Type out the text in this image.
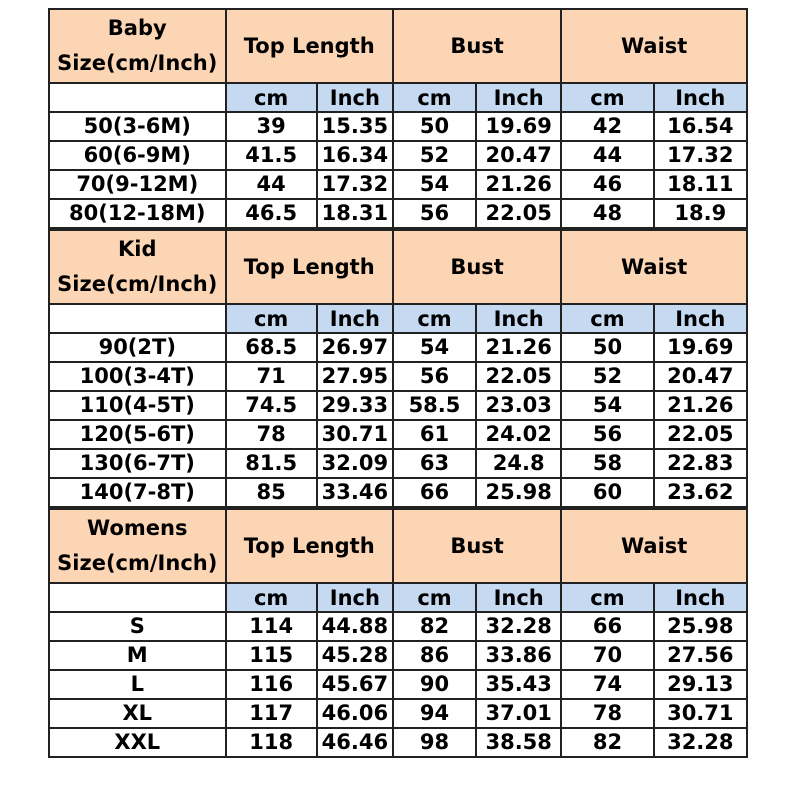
Baby
Size(cm/Inch)	Top Length		Bust		Waist	
	cm	Inch	cm	Inch	cm	Inch
50(3-6M)	39	15.35	50	19.69	42	16.54
60(6-9M)	41.5	16.34	52	20.47	44	17.32
70(9-12M)	44	17.32	54	21.26	46	18.11
80(12-18M)	46.5	18.31	56	22.05	48	18.9
Kid
Size(cm/Inch)	Top Length		Bust		Waist	
	cm	Inch	cm	Inch	cm	Inch
90(2T)	68.5	26.97	54	21.26	50	19.69
100(3-4T)	71	27.95	56	22.05	52	20.47
110(4-5T)	74.5	29.33	58.5	23.03	54	21.26
120(5-6T)	78	30.71	61	24.02	56	22.05
130(6-7T)	81.5	32.09	63	24.8	58	22.83
140(7-8T)	85	33.46	66	25.98	60	23.62
Womens
Size(cm/Inch)	Top Length		Bust		Waist	
	cm	Inch	cm	Inch	cm	Inch
S	114	44.88	82	32.28	66	25.98
M	115	45.28	86	33.86	70	27.56
L	116	45.67	90	35.43	74	29.13
XL	117	46.06	94	37.01	78	30.71
XXL	118	46.46	98	38.58	82	32.28
